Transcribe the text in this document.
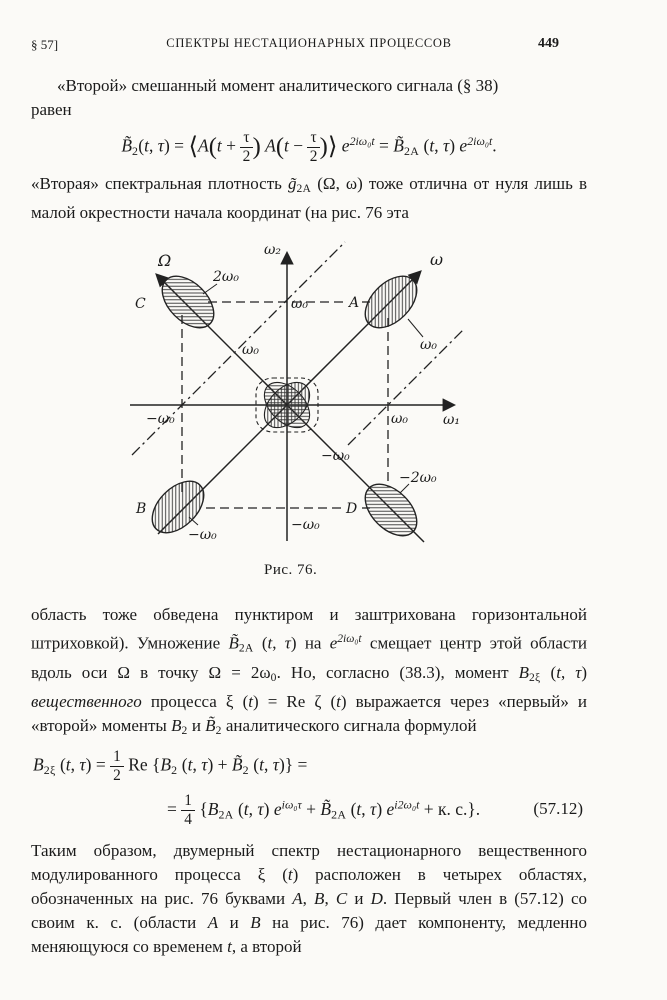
§ 57]	СПЕКТРЫ НЕСТАЦИОНАРНЫХ ПРОЦЕССОВ	449

«Второй» смешанный момент аналитического сигнала (§ 38)
равен

$B̃_2(t$, τ) = ⟨A(t + $\frac{\tau}{2}$ ) $A(t - \frac{\tau}{2}$ )⟩ $e^{2i\omega_0t}$ = $B̃_{2A}$ (t, τ) $e^{2i\omega_0t}$.

«Вторая» спектральная плотность $g̃_{2A}$ (Ω, ω) тоже отлична от нуля лишь в малой окрестности начала координат (на рис. 76 эта

Ω
ω₂	ω
ω₁
2ω₀
C	ω₀	A
ω₀
ω₀
−ω₀	ω₀
−ω₀
B
−ω₀
−ω₀
D
−2ω₀
Рис. 76.

область тоже обведена пунктиром и заштрихована горизонтальной штриховкой). Умножение $B̃_{2A}$ (t, τ) на $e^{2i\omega_0t}$ смещает центр этой области вдоль оси Ω в точку $\Omega = 2\omega_0$. Но, согласно (38.3), момент $B_{2\xi}$ (t, τ) вещественного процесса ξ (t) = Re ζ (t) выражается через «первый» и «второй» моменты $B_2$ и $B̃_2$ аналитического сигнала формулой

$B_{2\xi}$ (t, $\tau) = \frac{1}{2}$ Re {$B_2$ (t, $\tau) + B̃_2$ (t, τ)} =
= $\frac{1}{4} \{B_{2A}$ (t, τ) $e^{i\omega_0\tau}$ + $B̃_{2A}$ (t, τ) $e^{i2\omega_0t} + к$. с.}.	(57.12)

Таким образом, двумерный спектр нестационарного вещественного модулированного процесса ξ (t) расположен в четырех областях, обозначенных на рис. 76 буквами A, B, C и D. Первый член в (57.12) со своим к. с. (области A и B на рис. 76) дает компоненту, медленно меняющуюся со временем t, а второй
